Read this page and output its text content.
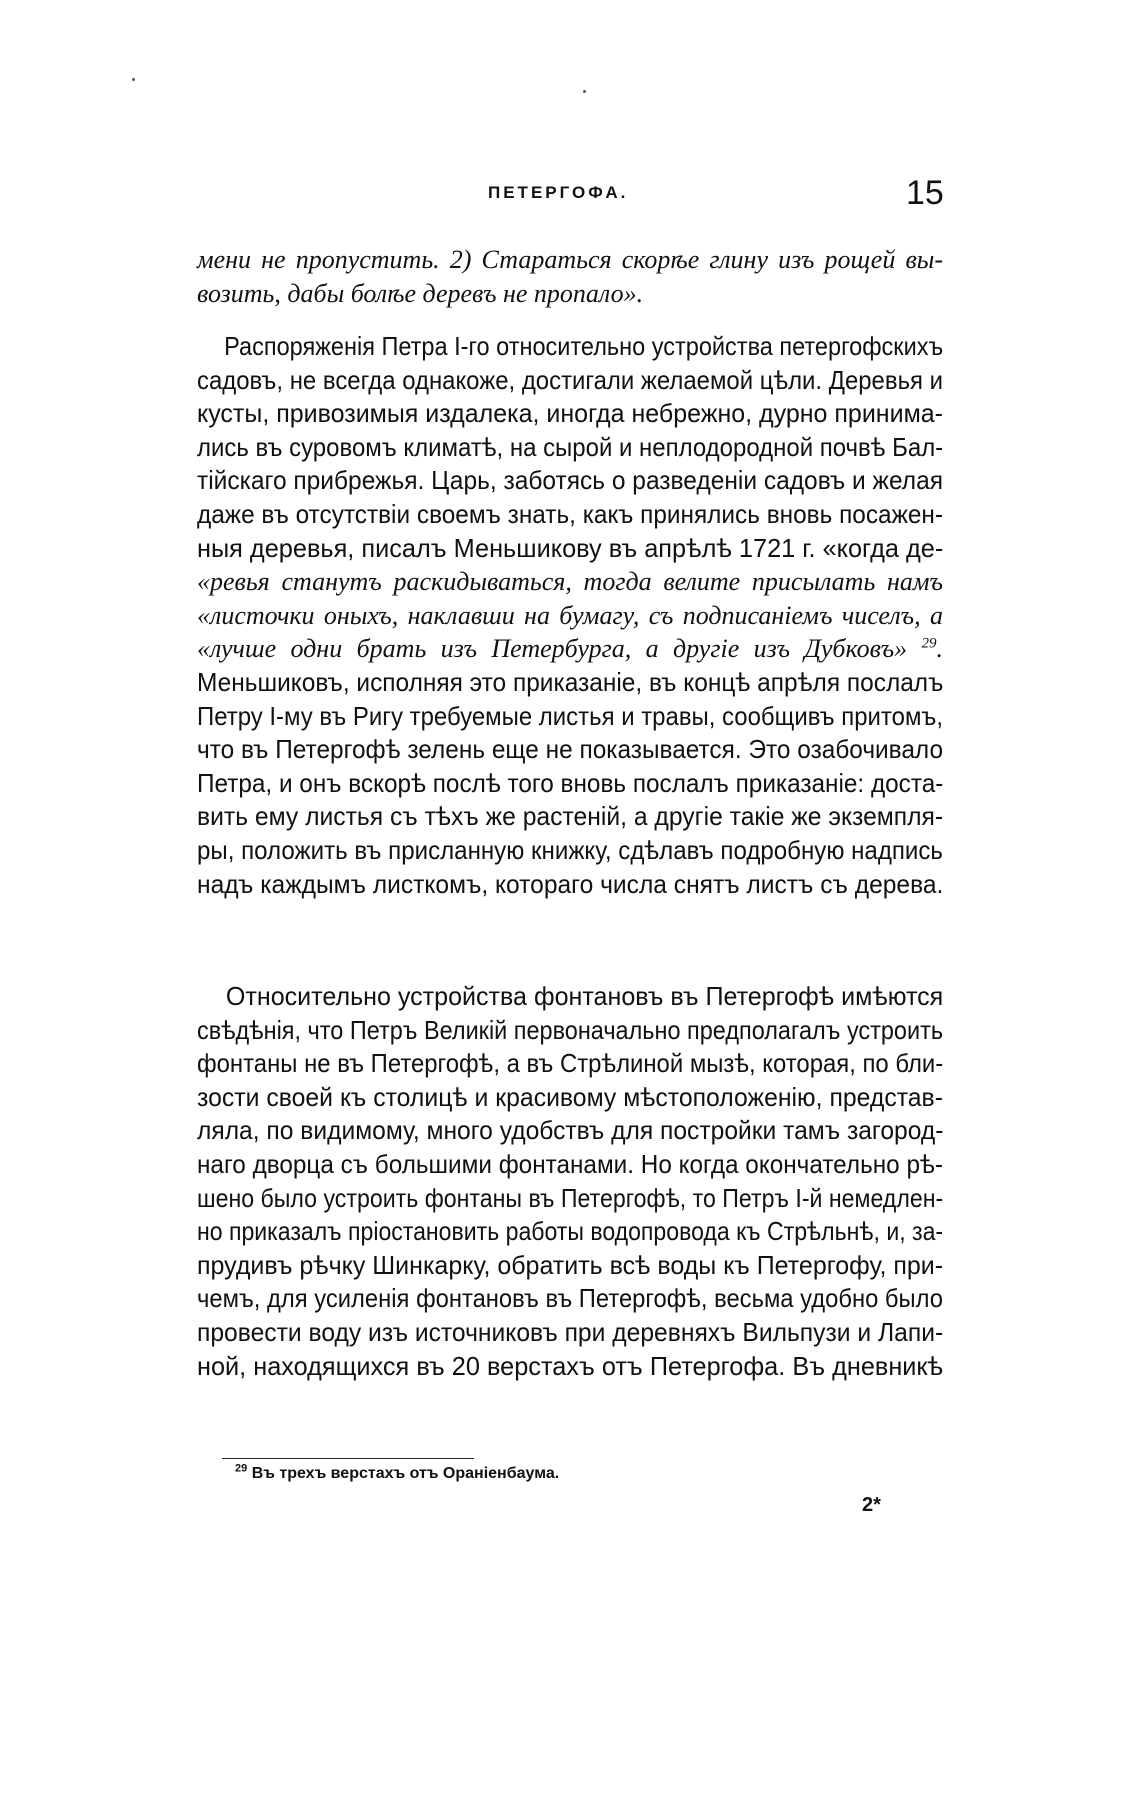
ПЕТЕРГОФА.	15
мени не пропустить. 2) Стараться скорѣе глину изъ рощей вы-
возить, дабы болѣе деревъ не пропало».
Распоряженія Петра I-го относительно устройства петергофскихъ
садовъ, не всегда однакоже, достигали желаемой цѣли. Деревья и
кусты, привозимыя издалека, иногда небрежно, дурно принима-
лись въ суровомъ климатѣ, на сырой и неплодородной почвѣ Бал-
тійскаго прибрежья. Царь, заботясь о разведеніи садовъ и желая
даже въ отсутствіи своемъ знать, какъ принялись вновь посажен-
ныя деревья, писалъ Меньшикову въ апрѣлѣ 1721 г. «когда де-
«ревья станутъ раскидываться, тогда велите присылать намъ
«листочки оныхъ, наклавши на бумагу, съ подписаніемъ чиселъ, а
«лучше одни брать изъ Петербурга, а другіе изъ Дубковъ» $^{29}$.
Меньшиковъ, исполняя это приказаніе, въ концѣ апрѣля послалъ
Петру I-му въ Ригу требуемые листья и травы, сообщивъ притомъ,
что въ Петергофѣ зелень еще не показывается. Это озабочивало
Петра, и онъ вскорѣ послѣ того вновь послалъ приказаніе: доста-
вить ему листья съ тѣхъ же растеній, а другіе такіе же экземпля-
ры, положить въ присланную книжку, сдѣлавъ подробную надпись
надъ каждымъ листкомъ, котораго числа снятъ листъ съ дерева.
Относительно устройства фонтановъ въ Петергофѣ имѣются
свѣдѣнія, что Петръ Великій первоначально предполагалъ устроить
фонтаны не въ Петергофѣ, а въ Стрѣлиной мызѣ, которая, по бли-
зости своей къ столицѣ и красивому мѣстоположенію, представ-
ляла, по видимому, много удобствъ для постройки тамъ загород-
наго дворца съ большими фонтанами. Но когда окончательно рѣ-
шено было устроить фонтаны въ Петергофѣ, то Петръ I-й немедлен-
но приказалъ пріостановить работы водопровода къ Стрѣльнѣ, и, за-
прудивъ рѣчку Шинкарку, обратить всѣ воды къ Петергофу, при-
чемъ, для усиленія фонтановъ въ Петергофѣ, весьма удобно было
провести воду изъ источниковъ при деревняхъ Вильпузи и Лапи-
ной, находящихся въ 20 верстахъ отъ Петергофа. Въ дневникѣ
$^{29}$ Въ трехъ верстахъ отъ Ораніенбаума.
2*
